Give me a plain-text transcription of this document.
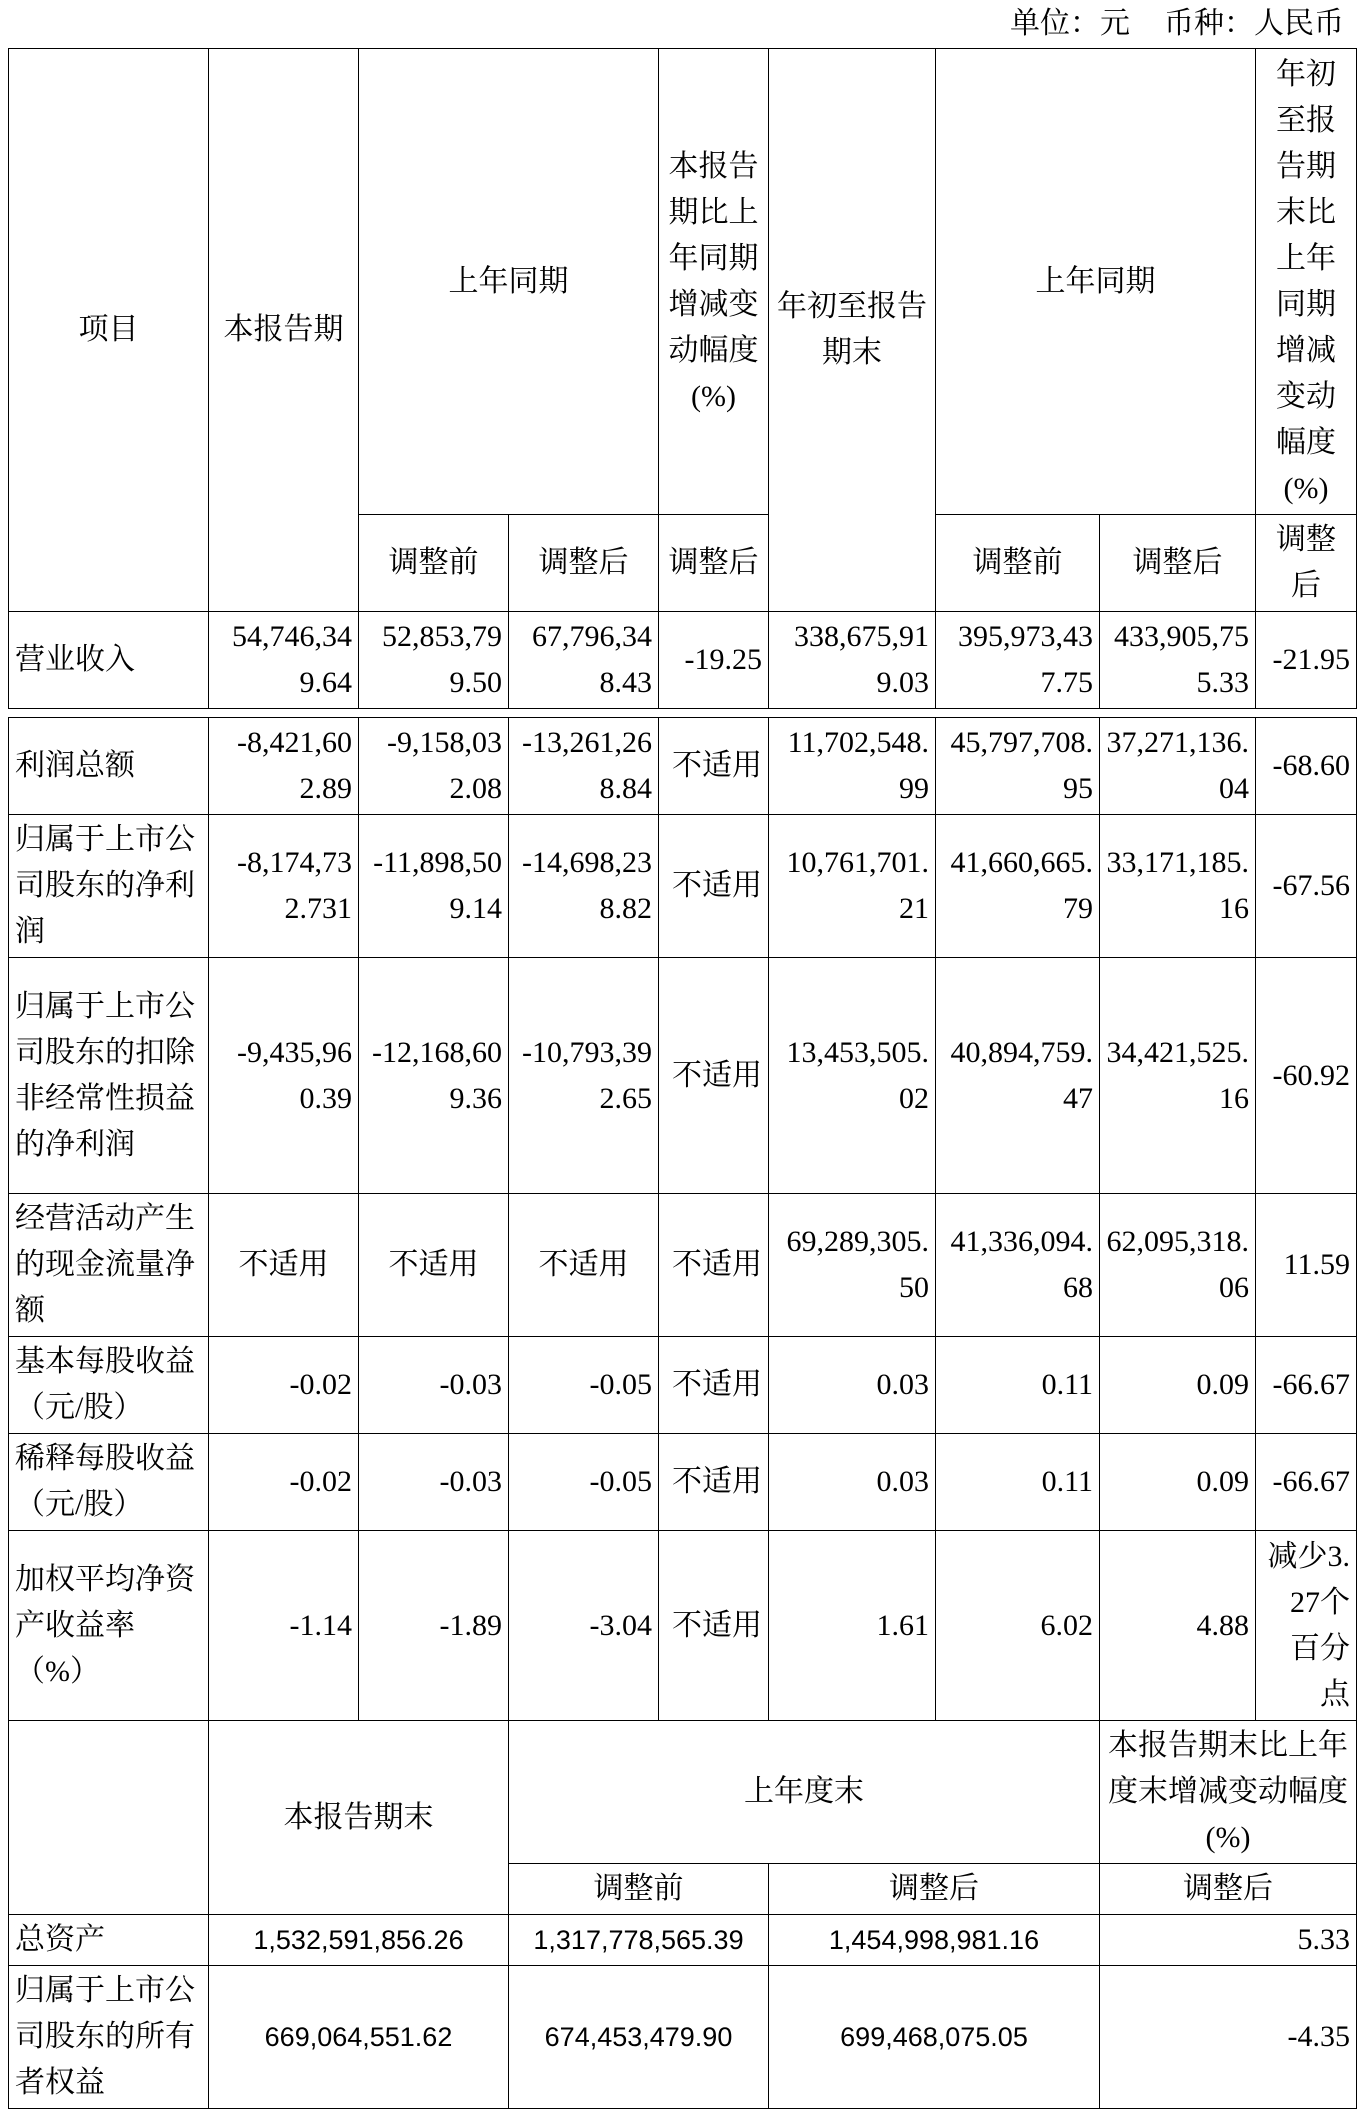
单位：元 币种：人民币
项目	本报告期	上年同期		本报告期比上年同期增减变动幅度(%)	年初至报告期末	上年同期		年初至报告期末比上年同期增减变动幅度(%)
		调整前	调整后	调整后		调整前	调整后	调整后
营业收入	54,746,349.64	52,853,799.50	67,796,348.43	-19.25	338,675,919.03	395,973,437.75	433,905,755.33	-21.95

利润总额	-8,421,602.89	-9,158,032.08	-13,261,268.84	不适用	11,702,548.99	45,797,708.95	37,271,136.04	-68.60
归属于上市公司股东的净利润	-8,174,732.731	-11,898,509.14	-14,698,238.82	不适用	10,761,701.21	41,660,665.79	33,171,185.16	-67.56
归属于上市公司股东的扣除非经常性损益的净利润	-9,435,960.39	-12,168,609.36	-10,793,392.65	不适用	13,453,505.02	40,894,759.47	34,421,525.16	-60.92
经营活动产生的现金流量净额	不适用	不适用	不适用	不适用	69,289,305.50	41,336,094.68	62,095,318.06	11.59
基本每股收益（元/股）	-0.02	-0.03	-0.05	不适用	0.03	0.11	0.09	-66.67
稀释每股收益（元/股）	-0.02	-0.03	-0.05	不适用	0.03	0.11	0.09	-66.67
加权平均净资产收益率（%）	-1.14	-1.89	-3.04	不适用	1.61	6.02	4.88	减少3.27个百分点
	本报告期末		上年度末				本报告期末比上年度末增减变动幅度(%)	
			调整前		调整后		调整后	
总资产	1,532,591,856.26		1,317,778,565.39		1,454,998,981.16		5.33	
归属于上市公司股东的所有者权益	669,064,551.62		674,453,479.90		699,468,075.05		-4.35	
